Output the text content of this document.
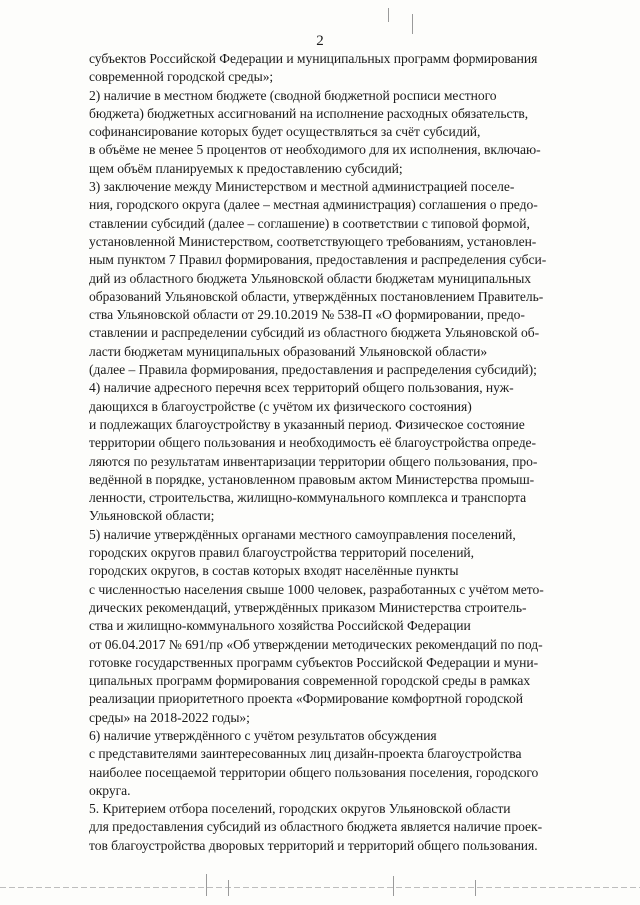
2

субъектов Российской Федерации и муниципальных программ формирования
современной городской среды»;

2) наличие в местном бюджете (сводной бюджетной росписи местного
бюджета) бюджетных ассигнований на исполнение расходных обязательств,
софинансирование которых будет осуществляться за счёт субсидий,
в объёме не менее 5 процентов от необходимого для их исполнения, включаю-
щем объём планируемых к предоставлению субсидий;

3) заключение между Министерством и местной администрацией поселе-
ния, городского округа (далее – местная администрация) соглашения о предо-
ставлении субсидий (далее – соглашение) в соответствии с типовой формой,
установленной Министерством, соответствующего требованиям, установлен-
ным пунктом 7 Правил формирования, предоставления и распределения субси-
дий из областного бюджета Ульяновской области бюджетам муниципальных
образований Ульяновской области, утверждённых постановлением Правитель-
ства Ульяновской области от 29.10.2019 № 538-П «О формировании, предо-
ставлении и распределении субсидий из областного бюджета Ульяновской об-
ласти бюджетам муниципальных образований Ульяновской области»
(далее – Правила формирования, предоставления и распределения субсидий);

4) наличие адресного перечня всех территорий общего пользования, нуж-
дающихся в благоустройстве (с учётом их физического состояния)
и подлежащих благоустройству в указанный период. Физическое состояние
территории общего пользования и необходимость её благоустройства опреде-
ляются по результатам инвентаризации территории общего пользования, про-
ведённой в порядке, установленном правовым актом Министерства промыш-
ленности, строительства, жилищно-коммунального комплекса и транспорта
Ульяновской области;

5) наличие утверждённых органами местного самоуправления поселений,
городских округов правил благоустройства территорий поселений,
городских округов, в состав которых входят населённые пункты
с численностью населения свыше 1000 человек, разработанных с учётом мето-
дических рекомендаций, утверждённых приказом Министерства строитель-
ства и жилищно-коммунального хозяйства Российской Федерации
от 06.04.2017 № 691/пр «Об утверждении методических рекомендаций по под-
готовке государственных программ субъектов Российской Федерации и муни-
ципальных программ формирования современной городской среды в рамках
реализации приоритетного проекта «Формирование комфортной городской
среды» на 2018-2022 годы»;

6) наличие утверждённого с учётом результатов обсуждения
с представителями заинтересованных лиц дизайн-проекта благоустройства
наиболее посещаемой территории общего пользования поселения, городского
округа.

5. Критерием отбора поселений, городских округов Ульяновской области
для предоставления субсидий из областного бюджета является наличие проек-
тов благоустройства дворовых территорий и территорий общего пользования.
